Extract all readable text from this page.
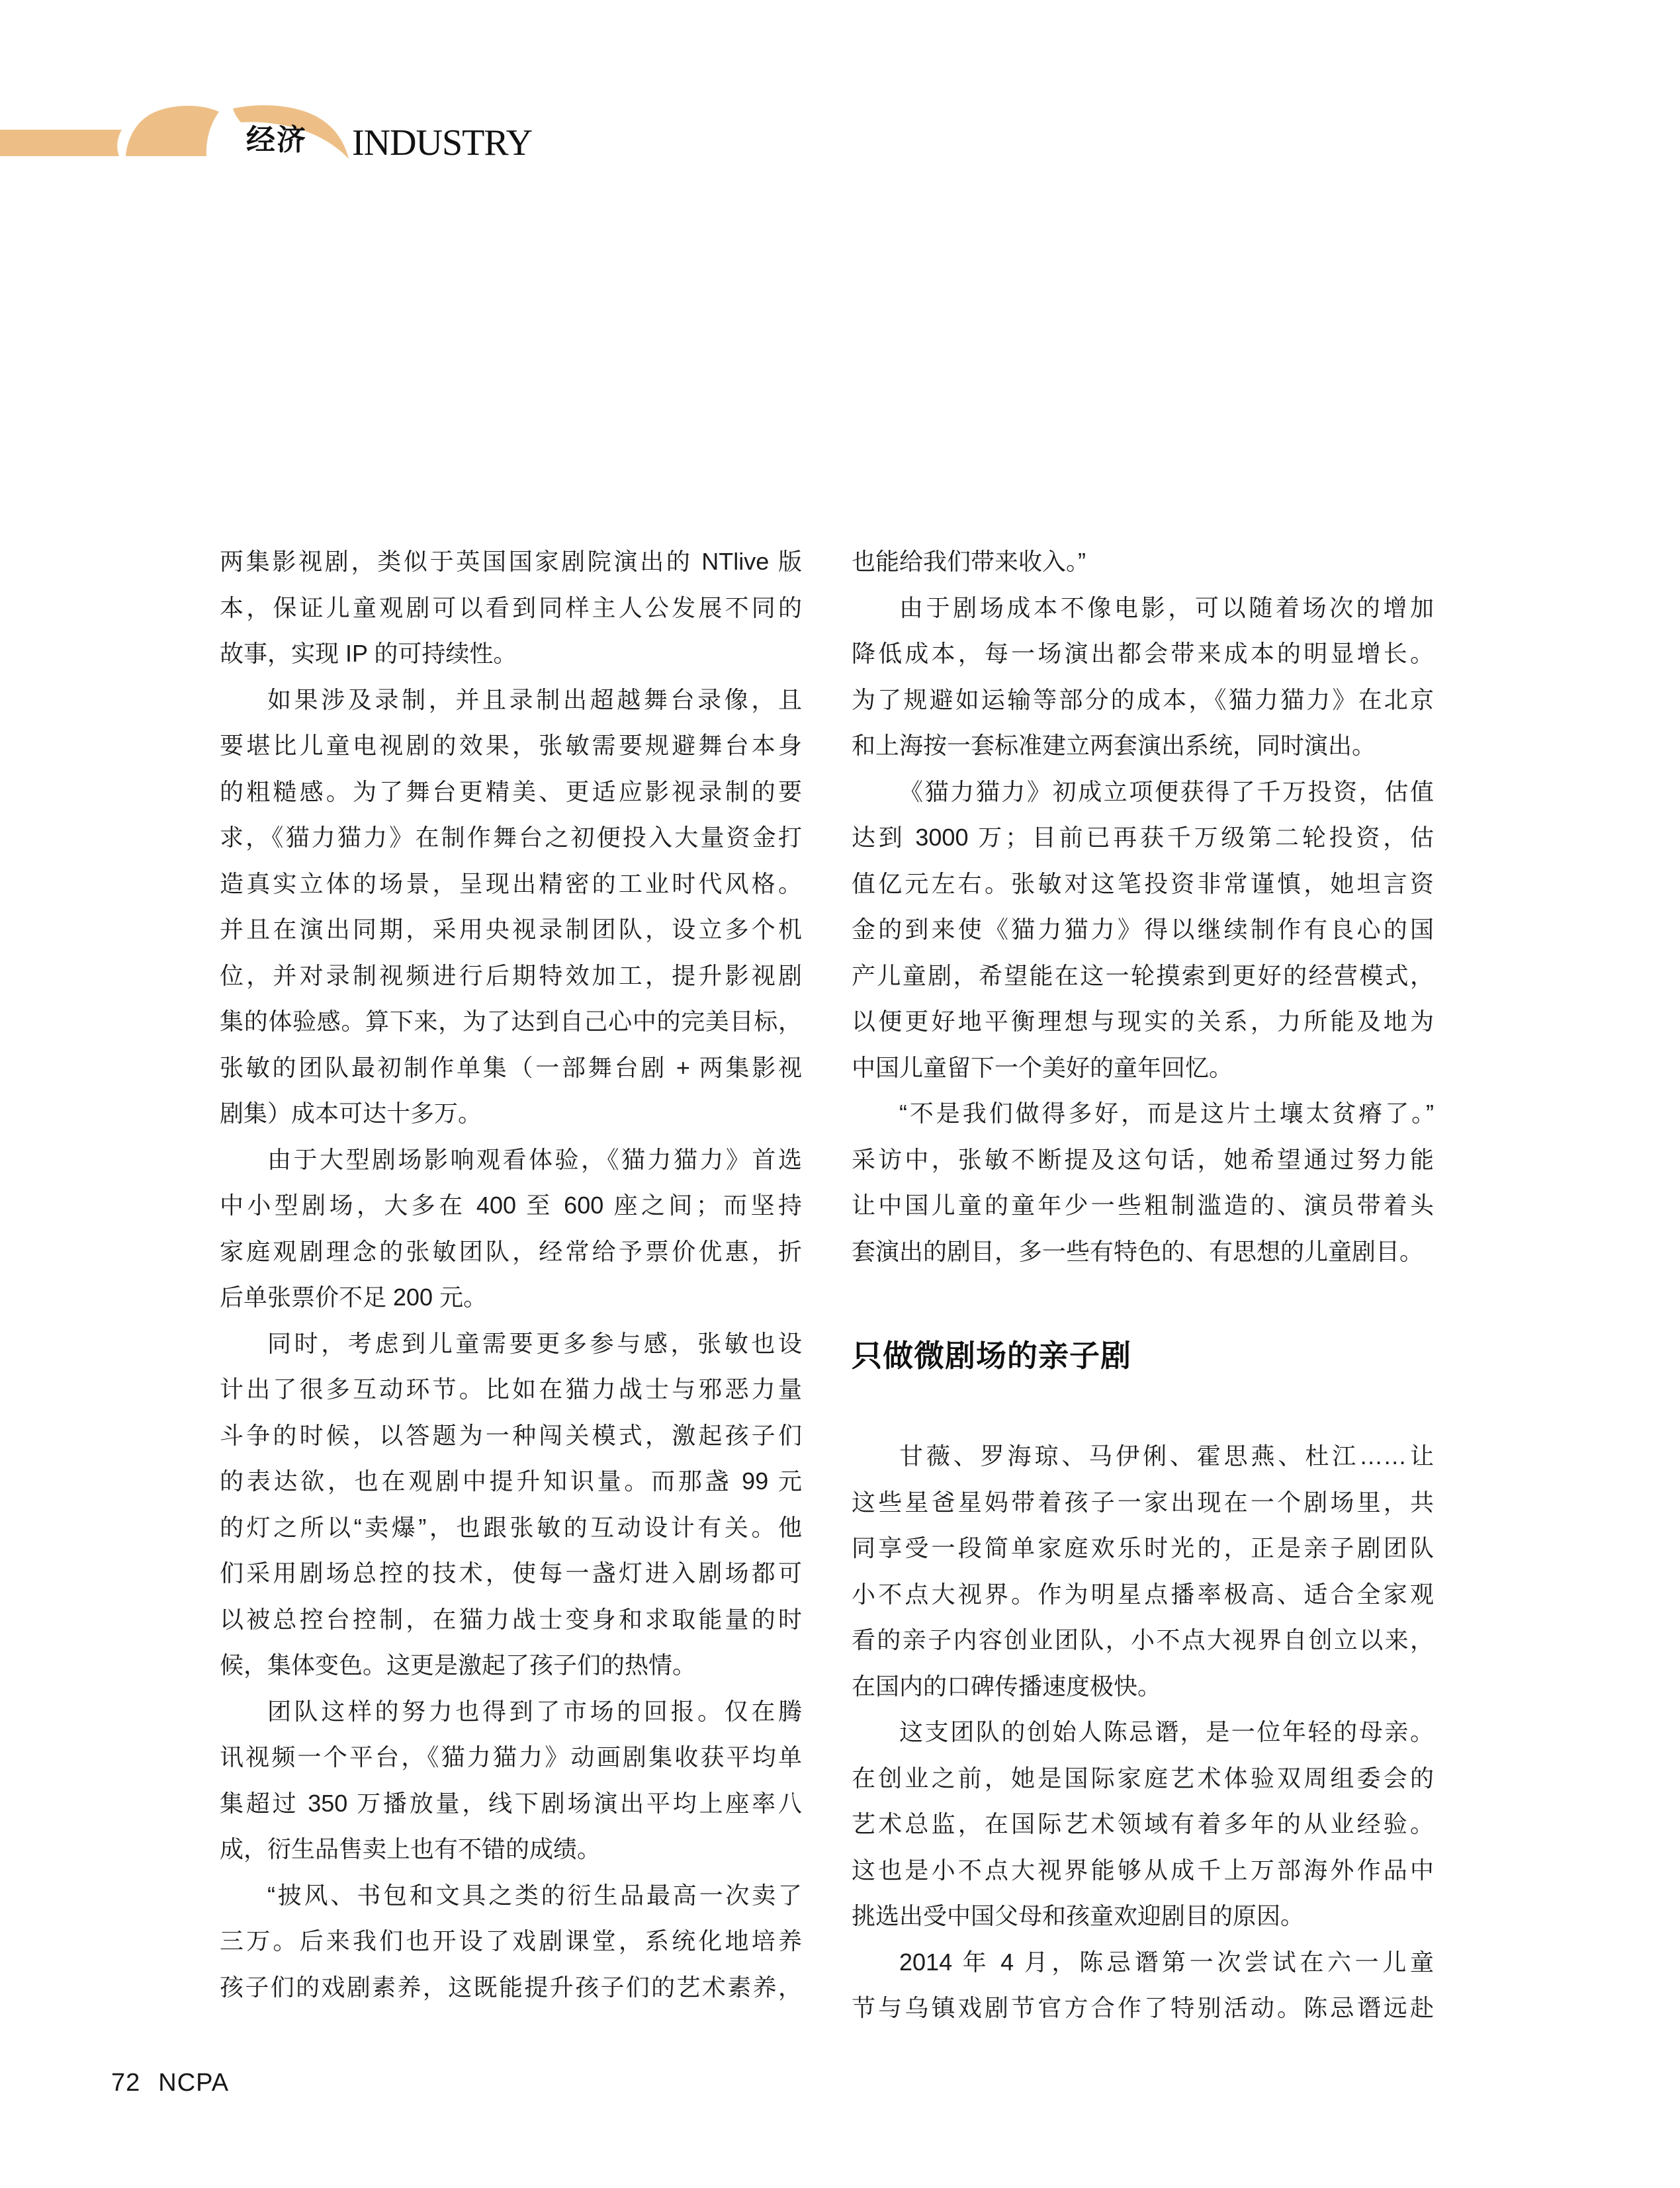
经济 INDUSTRY
两集影视剧，类似于英国国家剧院演出的 NTlive 版
本，保证儿童观剧可以看到同样主人公发展不同的
故事，实现 IP 的可持续性。
如果涉及录制，并且录制出超越舞台录像，且
要堪比儿童电视剧的效果，张敏需要规避舞台本身
的粗糙感。为了舞台更精美、更适应影视录制的要
求，《猫力猫力》在制作舞台之初便投入大量资金打
造真实立体的场景，呈现出精密的工业时代风格。
并且在演出同期，采用央视录制团队，设立多个机
位，并对录制视频进行后期特效加工，提升影视剧
集的体验感。算下来，为了达到自己心中的完美目标，
张敏的团队最初制作单集（一部舞台剧 + 两集影视
剧集）成本可达十多万。
由于大型剧场影响观看体验，《猫力猫力》首选
中小型剧场，大多在 400 至 600 座之间；而坚持
家庭观剧理念的张敏团队，经常给予票价优惠，折
后单张票价不足 200 元。
同时，考虑到儿童需要更多参与感，张敏也设
计出了很多互动环节。比如在猫力战士与邪恶力量
斗争的时候，以答题为一种闯关模式，激起孩子们
的表达欲，也在观剧中提升知识量。而那盏 99 元
的灯之所以“卖爆”，也跟张敏的互动设计有关。他
们采用剧场总控的技术，使每一盏灯进入剧场都可
以被总控台控制，在猫力战士变身和求取能量的时
候，集体变色。这更是激起了孩子们的热情。
团队这样的努力也得到了市场的回报。仅在腾
讯视频一个平台，《猫力猫力》动画剧集收获平均单
集超过 350 万播放量，线下剧场演出平均上座率八
成，衍生品售卖上也有不错的成绩。
“披风、书包和文具之类的衍生品最高一次卖了
三万。后来我们也开设了戏剧课堂，系统化地培养
孩子们的戏剧素养，这既能提升孩子们的艺术素养，
也能给我们带来收入。”
由于剧场成本不像电影，可以随着场次的增加
降低成本，每一场演出都会带来成本的明显增长。
为了规避如运输等部分的成本，《猫力猫力》在北京
和上海按一套标准建立两套演出系统，同时演出。
《猫力猫力》初成立项便获得了千万投资，估值
达到 3000 万；目前已再获千万级第二轮投资，估
值亿元左右。张敏对这笔投资非常谨慎，她坦言资
金的到来使《猫力猫力》得以继续制作有良心的国
产儿童剧，希望能在这一轮摸索到更好的经营模式，
以便更好地平衡理想与现实的关系，力所能及地为
中国儿童留下一个美好的童年回忆。
“不是我们做得多好，而是这片土壤太贫瘠了。”
采访中，张敏不断提及这句话，她希望通过努力能
让中国儿童的童年少一些粗制滥造的、演员带着头
套演出的剧目，多一些有特色的、有思想的儿童剧目。
只做微剧场的亲子剧
甘薇、罗海琼、马伊俐、霍思燕、杜江……让
这些星爸星妈带着孩子一家出现在一个剧场里，共
同享受一段简单家庭欢乐时光的，正是亲子剧团队
小不点大视界。作为明星点播率极高、适合全家观
看的亲子内容创业团队，小不点大视界自创立以来，
在国内的口碑传播速度极快。
这支团队的创始人陈忌谮，是一位年轻的母亲。
在创业之前，她是国际家庭艺术体验双周组委会的
艺术总监，在国际艺术领域有着多年的从业经验。
这也是小不点大视界能够从成千上万部海外作品中
挑选出受中国父母和孩童欢迎剧目的原因。
2014 年 4 月，陈忌谮第一次尝试在六一儿童
节与乌镇戏剧节官方合作了特别活动。陈忌谮远赴
72 NCPA
